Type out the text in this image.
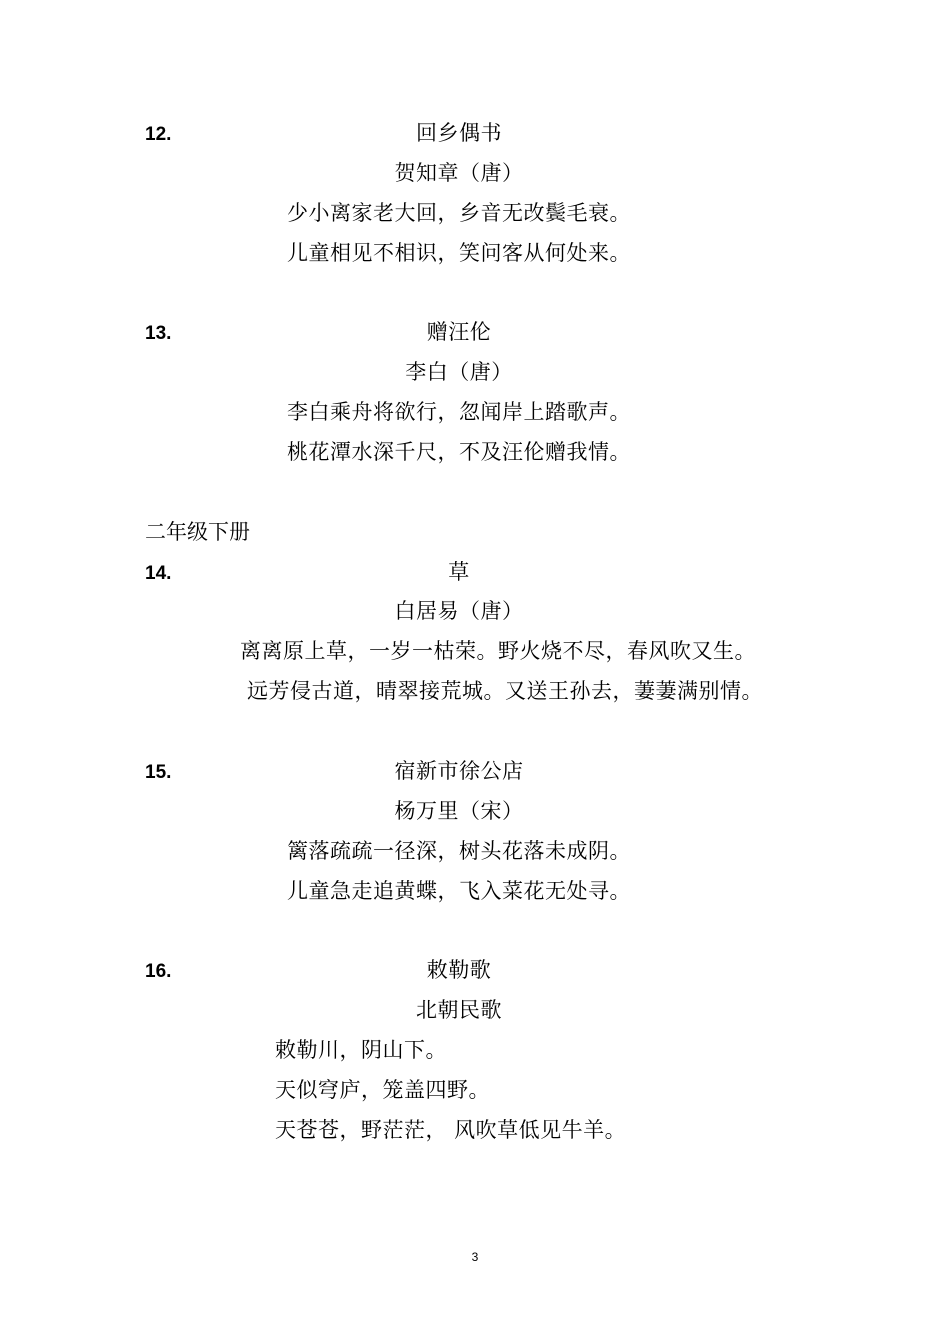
12.	回乡偶书
贺知章（唐）
少小离家老大回，乡音无改鬓毛衰。
儿童相见不相识，笑问客从何处来。
13.	赠汪伦
李白（唐）
李白乘舟将欲行，忽闻岸上踏歌声。
桃花潭水深千尺，不及汪伦赠我情。
二年级下册
14.	草
白居易（唐）
离离原上草，一岁一枯荣。野火烧不尽，春风吹又生。
远芳侵古道，晴翠接荒城。又送王孙去，萋萋满别情。
15.	宿新市徐公店
杨万里（宋）
篱落疏疏一径深，树头花落未成阴。
儿童急走追黄蝶，飞入菜花无处寻。
16.	敕勒歌
北朝民歌
敕勒川，阴山下。
天似穹庐，笼盖四野。
天苍苍，野茫茫， 风吹草低见牛羊。
3
